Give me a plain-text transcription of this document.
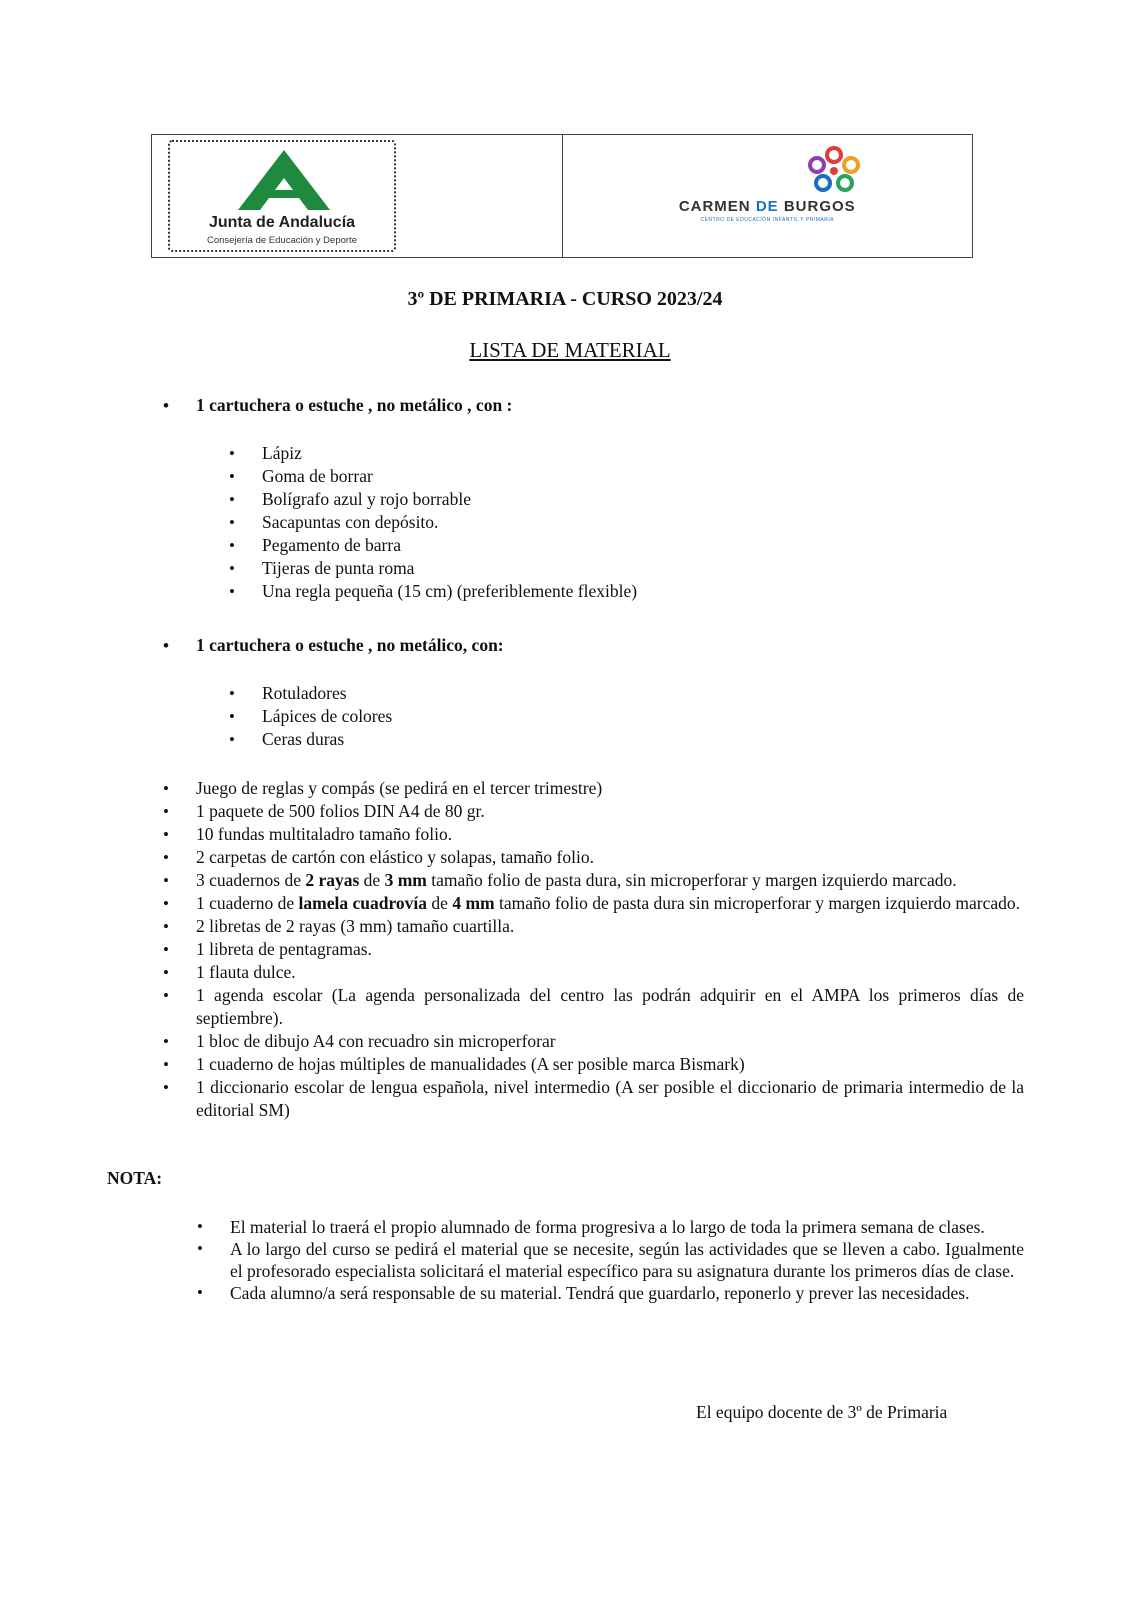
Junta de Andalucía
Consejería de Educación y Deporte
CARMEN DE BURGOS
CENTRO DE EDUCACIÓN INFANTIL Y PRIMARIA
3º DE PRIMARIA - CURSO 2023/24
LISTA DE MATERIAL
• 1 cartuchera o estuche , no metálico , con :
• Lápiz
• Goma de borrar
• Bolígrafo azul y rojo borrable
• Sacapuntas con depósito.
• Pegamento de barra
• Tijeras de punta roma
• Una regla pequeña (15 cm) (preferiblemente flexible)
• 1 cartuchera o estuche , no metálico, con:
• Rotuladores
• Lápices de colores
• Ceras duras
• Juego de reglas y compás (se pedirá en el tercer trimestre)
• 1 paquete de 500 folios DIN A4 de 80 gr.
• 10 fundas multitaladro tamaño folio.
• 2 carpetas de cartón con elástico y solapas, tamaño folio.
• 3 cuadernos de 2 rayas de 3 mm tamaño folio de pasta dura, sin microperforar y margen izquierdo marcado.
• 1 cuaderno de lamela cuadrovía de 4 mm tamaño folio de pasta dura sin microperforar y margen izquierdo marcado.
• 2 libretas de 2 rayas (3 mm) tamaño cuartilla.
• 1 libreta de pentagramas.
• 1 flauta dulce.
• 1 agenda escolar (La agenda personalizada del centro las podrán adquirir en el AMPA los primeros días de septiembre).
• 1 bloc de dibujo A4 con recuadro sin microperforar
• 1 cuaderno de hojas múltiples de manualidades (A ser posible marca Bismark)
• 1 diccionario escolar de lengua española, nivel intermedio (A ser posible el diccionario de primaria intermedio de la editorial SM)
NOTA:
• El material lo traerá el propio alumnado de forma progresiva a lo largo de toda la primera semana de clases.
• A lo largo del curso se pedirá el material que se necesite, según las actividades que se lleven a cabo. Igualmente el profesorado especialista solicitará el material específico para su asignatura durante los primeros días de clase.
• Cada alumno/a será responsable de su material. Tendrá que guardarlo, reponerlo y prever las necesidades.
El equipo docente de 3º de Primaria
